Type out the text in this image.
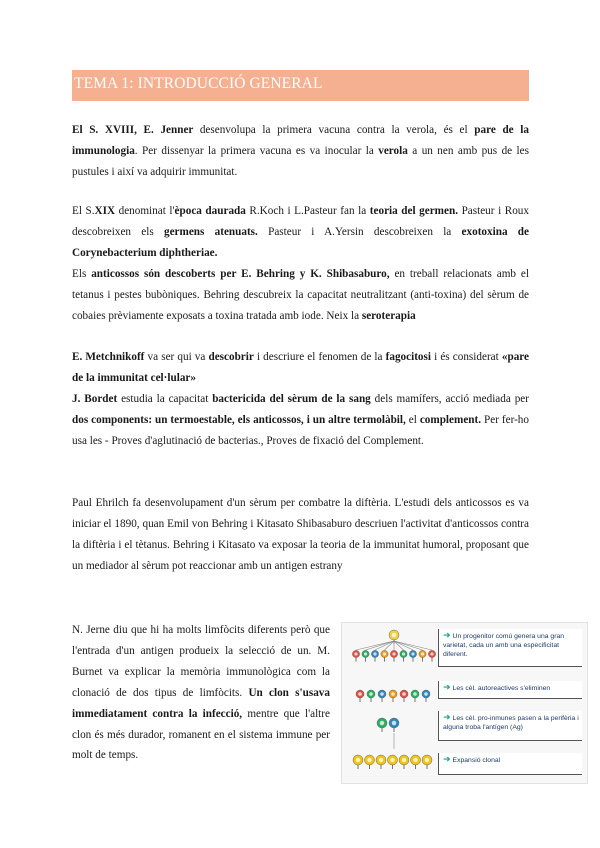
TEMA 1: INTRODUCCIÓ GENERAL

El S. XVIII, E. Jenner desenvolupa la primera vacuna contra la verola, és el pare de la immunologia. Per dissenyar la primera vacuna es va inocular la verola a un nen amb pus de les pustules i així va adquirir immunitat.

El S.XIX denominat l'època daurada R.Koch i L.Pasteur fan la teoria del germen. Pasteur i Roux descobreixen els germens atenuats. Pasteur i A.Yersin descobreixen la exotoxina de Corynebacterium diphtheriae.

Els anticossos són descoberts per E. Behring y K. Shibasaburo, en treball relacionats amb el tetanus i pestes bubòniques. Behring descubreix la capacitat neutralitzant (anti-toxina) del sèrum de cobaies prèviamente exposats a toxina tratada amb iode. Neix la seroterapia

E. Metchnikoff va ser qui va descobrir i descriure el fenomen de la fagocitosi i és considerat «pare de la immunitat cel·lular»

J. Bordet estudia la capacitat bactericida del sèrum de la sang dels mamífers, acció mediada per dos components: un termoestable, els anticossos, i un altre termolàbil, el complement. Per fer-ho usa les - Proves d'aglutinació de bacterias., Proves de fixació del Complement.

Paul Ehrilch fa desenvolupament d'un sèrum per combatre la diftèria. L'estudi dels anticossos es va iniciar el 1890, quan Emil von Behring i Kitasato Shibasaburo descriuen l'activitat d'anticossos contra la diftèria i el tètanus. Behring i Kitasato va exposar la teoria de la immunitat humoral, proposant que un mediador al sèrum pot reaccionar amb un antigen estrany

N. Jerne diu que hi ha molts limfòcits diferents però que l'entrada d'un antigen produeix la selecció de un. M. Burnet va explicar la memòria immunològica com la clonació de dos tipus de limfòcits. Un clon s'usava immediatament contra la infecció, mentre que l'altre clon és més durador, romanent en el sistema immune per molt de temps.

➜ Un progenitor comú genera una gran varietat, cada un amb una especificitat diferent.
➜ Les cèl. autoreactives s'eliminen
➜ Les cèl. pro-inmunes pasen a la perifèria i alguna troba l'antígen (Ag)
➜ Expansió clonal
